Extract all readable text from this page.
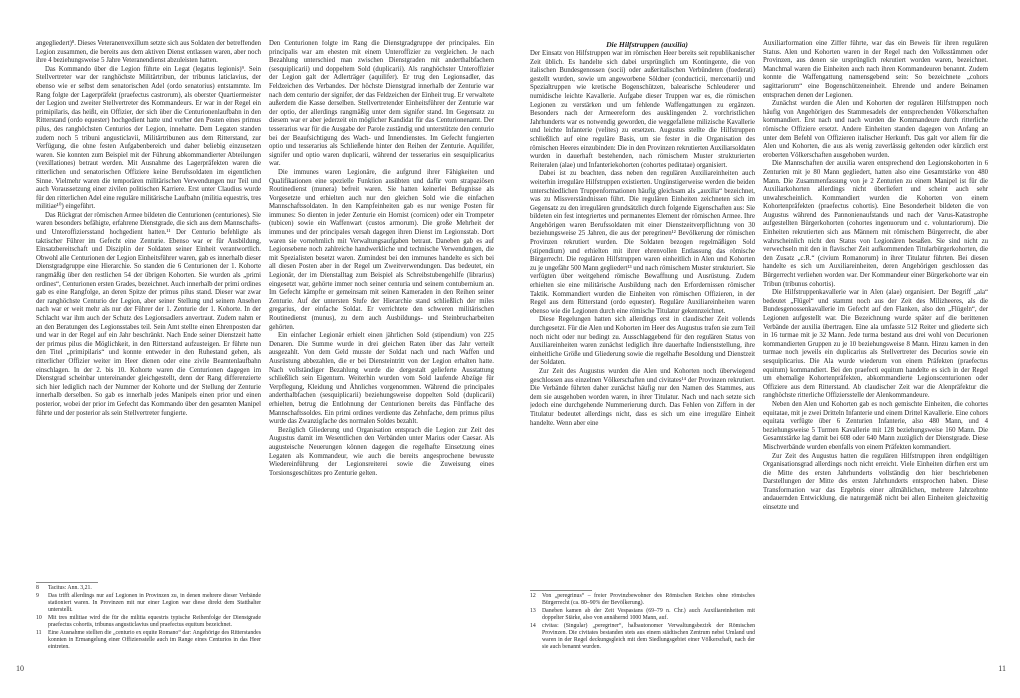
angegliedert)⁸. Dieses Veteranenvexillum setzte sich aus Soldaten der betreffenden Legion zusammen, die bereits aus dem aktiven Dienst entlassen waren, aber noch ihre 4 beziehungsweise 5 Jahre Veteranendienst abzuleisten hatten.

Das Kommando über die Legion führte ein Legat (legatus legionis)⁹. Sein Stellvertreter war der ranghöchste Militärtribun, der tribunus laticlavius, der ebenso wie er selbst dem senatorischen Adel (ordo senatorius) entstammte. Im Rang folgte der Lagerpräfekt (praefectus castrorum), als oberster Quartiermeister der Legion und zweiter Stellvertreter des Kommandeurs. Er war in der Regel ein primipilaris, das heißt, ein Offizier, der sich über die Centurionenlaufbahn in den Ritterstand (ordo equester) hochgedient hatte und vorher den Posten eines primus pilus, des ranghöchsten Centurios der Legion, innehatte. Dem Legaten standen zudem noch 5 tribuni angusticlavii, Militärtribunen aus dem Ritterstand, zur Verfügung, die ohne festen Aufgabenbereich und daher beliebig einzusetzen waren. Sie konnten zum Beispiel mit der Führung abkommandierter Abteilungen (vexillationes) betraut werden. Mit Ausnahme des Lagerpräfekten waren die ritterlichen und senatorischen Offiziere keine Berufssoldaten im eigentlichen Sinne. Vielmehr waren die temporären militärischen Verwendungen nur Teil und auch Voraussetzung einer zivilen politischen Karriere. Erst unter Claudius wurde für den ritterlichen Adel eine reguläre militärische Laufbahn (militia equestris, tres militiae¹⁰) eingeführt.

Das Rückgrat der römischen Armee bildeten die Centurionen (centuriones). Sie waren besonders befähigte, erfahrene Dienstgrade, die sich aus dem Mannschafts- und Unteroffiziersstand hochgedient hatten.¹¹ Der Centurio befehligte als taktischer Führer im Gefecht eine Zenturie. Ebenso war er für Ausbildung, Einsatzbereitschaft und Disziplin der Soldaten seiner Einheit verantwortlich. Obwohl alle Centurionen der Legion Einheitsführer waren, gab es innerhalb dieser Dienstgradgruppe eine Hierarchie. So standen die 6 Centurionen der 1. Kohorte rangmäßig über den restlichen 54 der übrigen Kohorten. Sie wurden als „primi ordines“, Centurionen ersten Grades, bezeichnet. Auch innerhalb der primi ordines gab es eine Rangfolge, an deren Spitze der primus pilus stand. Dieser war zwar der ranghöchste Centurio der Legion, aber seiner Stellung und seinem Ansehen nach war er weit mehr als nur der Führer der 1. Zenturie der 1. Kohorte. In der Schlacht war ihm auch der Schutz des Legionsadlers anvertraut. Zudem nahm er an den Beratungen des Legionsstabes teil. Sein Amt stellte einen Ehrenposten dar und war in der Regel auf ein Jahr beschränkt. Nach Ende seiner Dienstzeit hatte der primus pilus die Möglichkeit, in den Ritterstand aufzusteigen. Er führte nun den Titel „primipilaris“ und konnte entweder in den Ruhestand gehen, als ritterlicher Offizier weiter im Heer dienen oder eine zivile Beamtenlaufbahn einschlagen. In der 2. bis 10. Kohorte waren die Centurionen dagegen im Dienstgrad scheinbar untereinander gleichgestellt, denn der Rang differenzierte sich hier lediglich nach der Nummer der Kohorte und der Stellung der Zenturie innerhalb derselben. So gab es innerhalb jedes Manipels einen prior und einen posterior, wobei der prior im Gefecht das Kommando über den gesamten Manipel führte und der posterior als sein Stellvertreter fungierte.

8	Tacitus: Ann. 3,21.
9	Das trifft allerdings nur auf Legionen in Provinzen zu, in denen mehrere dieser Verbände stationiert waren. In Provinzen mit nur einer Legion war diese direkt dem Statthalter unterstellt.
10	Mit tres militiae wird die für die militia equestris typische Reihenfolge der Dienstgrade praefectus cohortis, tribunus angusticlavius und praefectus equitum bezeichnet.
11	Eine Ausnahme stellten die „centurio ex equite Romano“ dar: Angehörige des Ritterstandes konnten in Ermangelung einer Offiziersstelle auch im Range eines Centurios in das Heer eintreten.

Den Centurionen folgte im Rang die Dienstgradgruppe der principales. Ein principalis war am ehesten mit einem Unteroffizier zu vergleichen. Je nach Bezahlung unterschied man zwischen Dienstgraden mit anderthalbfachem (sesquiplicarii) und doppeltem Sold (duplicarii). Als ranghöchster Unteroffizier der Legion galt der Adlerträger (aquilifer). Er trug den Legionsadler, das Feldzeichen des Verbandes. Der höchste Dienstgrad innerhalb der Zenturie war nach dem centurio der signifer, der das Feldzeichen der Einheit trug. Er verwaltete außerdem die Kasse derselben. Stellvertretender Einheitsführer der Zenturie war der optio, der allerdings rangmäßig unter dem signifer stand. Im Gegensatz zu diesem war er aber jederzeit ein möglicher Kandidat für das Centurionenamt. Der tesserarius war für die Ausgabe der Parole zuständig und unterstützte den centurio bei der Beaufsichtigung des Wach- und Innendienstes. Im Gefecht fungierten optio und tesserarius als Schließende hinter den Reihen der Zenturie. Aquilifer, signifer und optio waren duplicarii, während der tesserarius ein sesquiplicarius war.

Die immunes waren Legionäre, die aufgrund ihrer Fähigkeiten und Qualifikationen eine spezielle Funktion ausübten und dafür vom strapaziösen Routinedienst (munera) befreit waren. Sie hatten keinerlei Befugnisse als Vorgesetzte und erhielten auch nur den gleichen Sold wie die einfachen Mannschaftssoldaten. In den Kampfeinheiten gab es nur wenige Posten für immunes: So dienten in jeder Zenturie ein Hornist (cornicen) oder ein Trompeter (tubicen) sowie ein Waffenwart (custos armorum). Die große Mehrheit der immunes und der principales versah dagegen ihren Dienst im Legionsstab. Dort waren sie vornehmlich mit Verwaltungsaufgaben betraut. Daneben gab es auf Legionsebene noch zahlreiche handwerkliche und technische Verwendungen, die mit Spezialisten besetzt waren. Zumindest bei den immunes handelte es sich bei all diesen Posten aber in der Regel um Zweitverwendungen. Das bedeutet, ein Legionär, der im Dienstalltag zum Beispiel als Schreibstubengehilfe (librarius) eingesetzt war, gehörte immer noch seiner centuria und seinem contubernium an. Im Gefecht kämpfte er gemeinsam mit seinen Kameraden in den Reihen seiner Zenturie. Auf der untersten Stufe der Hierarchie stand schließlich der miles gregarius, der einfache Soldat. Er verrichtete den schweren militärischen Routinedienst (munus), zu dem auch Ausbildungs- und Steinbrucharbeiten gehörten.

Ein einfacher Legionär erhielt einen jährlichen Sold (stipendium) von 225 Denaren. Die Summe wurde in drei gleichen Raten über das Jahr verteilt ausgezahlt. Von dem Geld musste der Soldat nach und nach Waffen und Ausrüstung abbezahlen, die er bei Diensteintritt von der Legion erhalten hatte. Nach vollständiger Bezahlung wurde die dergestalt gelieferte Ausstattung schließlich sein Eigentum. Weiterhin wurden vom Sold laufende Abzüge für Verpflegung, Kleidung und Ähnliches vorgenommen. Während die principales anderthalbfachen (sesquiplicarii) beziehungsweise doppelten Sold (duplicarii) erhielten, betrug die Entlohnung der Centurionen bereits das Fünffache des Mannschaftssoldes. Ein primi ordines verdiente das Zehnfache, dem primus pilus wurde das Zwanzigfache des normalen Soldes bezahlt.

Bezüglich Gliederung und Organisation entsprach die Legion zur Zeit des Augustus damit im Wesentlichen den Verbänden unter Marius oder Caesar. Als augusteische Neuerungen können dagegen die regelhafte Einsetzung eines Legaten als Kommandeur, wie auch die bereits angesprochene bewusste Wiedereinführung der Legionsreiterei sowie die Zuweisung eines Torsionsgeschützes pro Zenturie gelten.

Die Hilfstruppen (auxilia)

Der Einsatz von Hilfstruppen war im römischen Heer bereits seit republikanischer Zeit üblich. Es handelte sich dabei ursprünglich um Kontingente, die von italischen Bundesgenossen (socii) oder außeritalischen Verbündeten (foederati) gestellt wurden, sowie um angeworbene Söldner (conducticii, mercenarii) und Spezialtruppen wie kretische Bogenschützen, balearische Schleuderer und numidische leichte Kavallerie. Aufgabe dieser Truppen war es, die römischen Legionen zu verstärken und um fehlende Waffengattungen zu ergänzen. Besonders nach der Armeereform des ausklingenden 2. vorchristlichen Jahrhunderts war es notwendig geworden, die weggefallene milizische Kavallerie und leichte Infanterie (velites) zu ersetzen. Augustus stellte die Hilfstruppen schließlich auf eine reguläre Basis, um sie fester in die Organisation des römischen Heeres einzubinden: Die in den Provinzen rekrutierten Auxiliarsoldaten wurden in dauerhaft bestehenden, nach römischem Muster strukturierten Reiteralen (alae) und Infanteriekohorten (cohortes peditatae) organisiert.

Dabei ist zu beachten, dass neben den regulären Auxiliareinheiten auch weiterhin irreguläre Hilfstruppen existierten. Ungünstigerweise werden die beiden unterschiedlichen Truppenformationen häufig gleichsam als „auxilia“ bezeichnet, was zu Missverständnissen führt. Die regulären Einheiten zeichneten sich im Gegensatz zu den irregulären grundsätzlich durch folgende Eigenschaften aus: Sie bildeten ein fest integriertes und permanentes Element der römischen Armee. Ihre Angehörigen waren Berufssoldaten mit einer Dienstzeitverpflichtung von 30 beziehungsweise 25 Jahren, die aus der peregrinen¹² Bevölkerung der römischen Provinzen rekrutiert wurden. Die Soldaten bezogen regelmäßigen Sold (stipendium) und erhielten mit ihrer ehrenvollen Entlassung das römische Bürgerrecht. Die regulären Hilfstruppen waren einheitlich in Alen und Kohorten zu je ungefähr 500 Mann gegliedert¹³ und nach römischem Muster strukturiert. Sie verfügten über weitgehend römische Bewaffnung und Ausrüstung. Zudem erhielten sie eine militärische Ausbildung nach den Erfordernissen römischer Taktik. Kommandiert wurden die Einheiten von römischen Offizieren, in der Regel aus dem Ritterstand (ordo equester). Reguläre Auxiliareinheiten waren ebenso wie die Legionen durch eine römische Titulatur gekennzeichnet.

Diese Regelungen hatten sich allerdings erst in claudischer Zeit vollends durchgesetzt. Für die Alen und Kohorten im Heer des Augustus trafen sie zum Teil noch nicht oder nur bedingt zu. Ausschlaggebend für den regulären Status von Auxiliareinheiten waren zunächst lediglich ihre dauerhafte Indienststellung, ihre einheitliche Größe und Gliederung sowie die regelhafte Besoldung und Dienstzeit der Soldaten.

Zur Zeit des Augustus wurden die Alen und Kohorten noch überwiegend geschlossen aus einzelnen Völkerschaften und civitates¹⁴ der Provinzen rekrutiert. Die Verbände führten daher zunächst häufig nur den Namen des Stammes, aus dem sie ausgehoben worden waren, in ihrer Titulatur. Nach und nach setzte sich jedoch eine durchgehende Nummerierung durch. Das Fehlen von Ziffern in der Titulatur bedeutet allerdings nicht, dass es sich um eine irreguläre Einheit handelte. Wenn aber eine

12	Von „peregrinus“ – freier Provinzbewohner des Römischen Reiches ohne römisches Bürgerrecht (ca. 80–90% der Bevölkerung).
13	Daneben kamen ab der Zeit Vespasians (69–79 n. Chr.) auch Auxiliareinheiten mit doppelter Stärke, also von annähernd 1000 Mann, auf.
14	civitas: (Singular) „peregriner“, halbautonomer Verwaltungsbezirk der Römischen Provinzen. Die civitates bestanden stets aus einem städtischen Zentrum nebst Umland und waren in der Regel deckungsgleich mit dem Siedlungsgebiet einer Völkerschaft, nach der sie auch benannt wurden.

Auxiliarformation eine Ziffer führte, war das ein Beweis für ihren regulären Status. Alen und Kohorten waren in der Regel nach den Volksstämmen oder Provinzen, aus denen sie ursprünglich rekrutiert worden waren, bezeichnet. Manchmal waren die Einheiten auch nach ihren Kommandeuren benannt. Zudem konnte die Waffengattung namensgebend sein: So bezeichnete „cohors sagittariorum“ eine Bogenschützeneinheit. Ehrende und andere Beinamen entsprachen denen der Legionen.

Zunächst wurden die Alen und Kohorten der regulären Hilfstruppen noch häufig von Angehörigen des Stammesadels der entsprechenden Völkerschaften kommandiert. Erst nach und nach wurden die Kommandeure durch ritterliche römische Offiziere ersetzt. Andere Einheiten standen dagegen von Anfang an unter dem Befehl von Offizieren italischer Herkunft. Das galt vor allem für die Alen und Kohorten, die aus als wenig zuverlässig geltenden oder kürzlich erst eroberten Völkerschaften ausgehoben wurden.

Die Mannschaften der auxilia waren entsprechend den Legionskohorten in 6 Zenturien mit je 80 Mann gegliedert, hatten also eine Gesamtstärke von 480 Mann. Die Zusammenfassung von je 2 Zenturien zu einem Manipel ist für die Auxiliarkohorten allerdings nicht überliefert und scheint auch sehr unwahrscheinlich. Kommandiert wurden die Kohorten von einem Kohortenpräfekten (praefectus cohortis). Eine Besonderheit bildeten die von Augustus während des Pannonienaufstands und nach der Varus-Katastrophe aufgestellten Bürgerkohorten (cohortes ingenuorum und c. voluntariorum). Die Einheiten rekrutierten sich aus Männern mit römischem Bürgerrecht, die aber wahrscheinlich nicht den Status von Legionären besaßen. Sie sind nicht zu verwechseln mit den in flavischer Zeit aufkommenden Titularbürgerkohorten, die den Zusatz „c.R.“ (civium Romanorum) in ihrer Titulatur führten. Bei diesen handelte es sich um Auxiliareinheiten, deren Angehörigen geschlossen das Bürgerrecht verliehen worden war. Der Kommandeur einer Bürgerkohorte war ein Tribun (tribunus cohortis).

Die Hilfstruppenkavallerie war in Alen (alae) organisiert. Der Begriff „ala“ bedeutet „Flügel“ und stammt noch aus der Zeit des Milizheeres, als die Bundesgenossenkavallerie im Gefecht auf den Flanken, also den „Flügeln“, der Legionen aufgestellt war. Die Bezeichnung wurde später auf die berittenen Verbände der auxilia übertragen. Eine ala umfasste 512 Reiter und gliederte sich in 16 turmae mit je 32 Mann. Jede turma bestand aus drei wohl von Decurionen kommandierten Gruppen zu je 10 beziehungsweise 8 Mann. Hinzu kamen in den turmae noch jeweils ein duplicarius als Stellvertreter des Decurios sowie ein sesquiplicarius. Die Ala wurde wiederum von einem Präfekten (praefectus equitum) kommandiert. Bei den praefecti equitum handelte es sich in der Regel um ehemalige Kohortenpräfekten, abkommandierte Legionscenturionen oder Offiziere aus dem Ritterstand. Ab claudischer Zeit war die Alenpräfektur die ranghöchste ritterliche Offiziersstelle der Alenkommandeure.

Neben den Alen und Kohorten gab es noch gemischte Einheiten, die cohortes equitatae, mit je zwei Dritteln Infanterie und einem Drittel Kavallerie. Eine cohors equitata verfügte über 6 Zenturien Infanterie, also 480 Mann, und 4 beziehungsweise 5 Turmen Kavallerie mit 128 beziehungsweise 160 Mann. Die Gesamtstärke lag damit bei 608 oder 640 Mann zuzüglich der Dienstgrade. Diese Mischverbände wurden ebenfalls von einem Präfekten kommandiert.

Zur Zeit des Augustus hatten die regulären Hilfstruppen ihren endgültigen Organisationsgrad allerdings noch nicht erreicht. Viele Einheiten dürften erst um die Mitte des ersten Jahrhunderts vollständig den hier beschriebenen Darstellungen der Mitte des ersten Jahrhunderts entsprochen haben. Diese Transformation war das Ergebnis einer allmählichen, mehrere Jahrzehnte andauernden Entwicklung, die naturgemäß nicht bei allen Einheiten gleichzeitig einsetzte und

10	11
